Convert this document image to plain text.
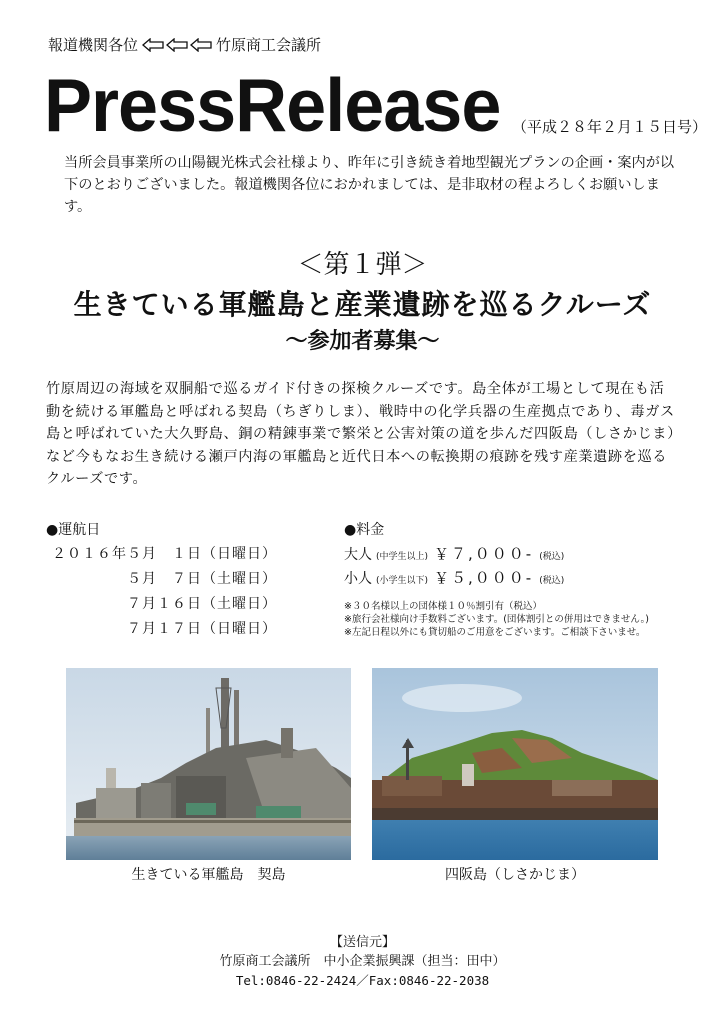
報道機関各位	竹原商工会議所
PressRelease （平成２８年２月１５日号）
当所会員事業所の山陽観光株式会社様より、昨年に引き続き着地型観光プランの企画・案内が以下のとおりございました。報道機関各位におかれましては、是非取材の程よろしくお願いします。
＜第１弾＞
生きている軍艦島と産業遺跡を巡るクルーズ
～参加者募集～
竹原周辺の海域を双胴船で巡るガイド付きの探検クルーズです。島全体が工場として現在も活動を続ける軍艦島と呼ばれる契島（ちぎりしま）、戦時中の化学兵器の生産拠点であり、毒ガス島と呼ばれていた大久野島、銅の精錬事業で繁栄と公害対策の道を歩んだ四阪島（しさかじま）など今もなお生き続ける瀬戸内海の軍艦島と近代日本への転換期の痕跡を残す産業遺跡を巡るクルーズです。
●運航日
２０１６年５月　１日（日曜日）
　　　　　５月　７日（土曜日）
　　　　　７月１６日（土曜日）
　　　　　７月１７日（日曜日）
●料金
大人 (中学生以上) ￥７,０００- (税込)
小人 (小学生以下) ￥５,０００- (税込)
※３０名様以上の団体様１０％割引有（税込）
※旅行会社様向け手数料ございます。(団体割引との併用はできません。)
※左記日程以外にも貸切船のご用意をございます。ご相談下さいませ。
生きている軍艦島　契島	四阪島（しさかじま）
【送信元】
竹原商工会議所　中小企業振興課（担当：田中）
Tel:0846-22-2424／Fax:0846-22-2038
